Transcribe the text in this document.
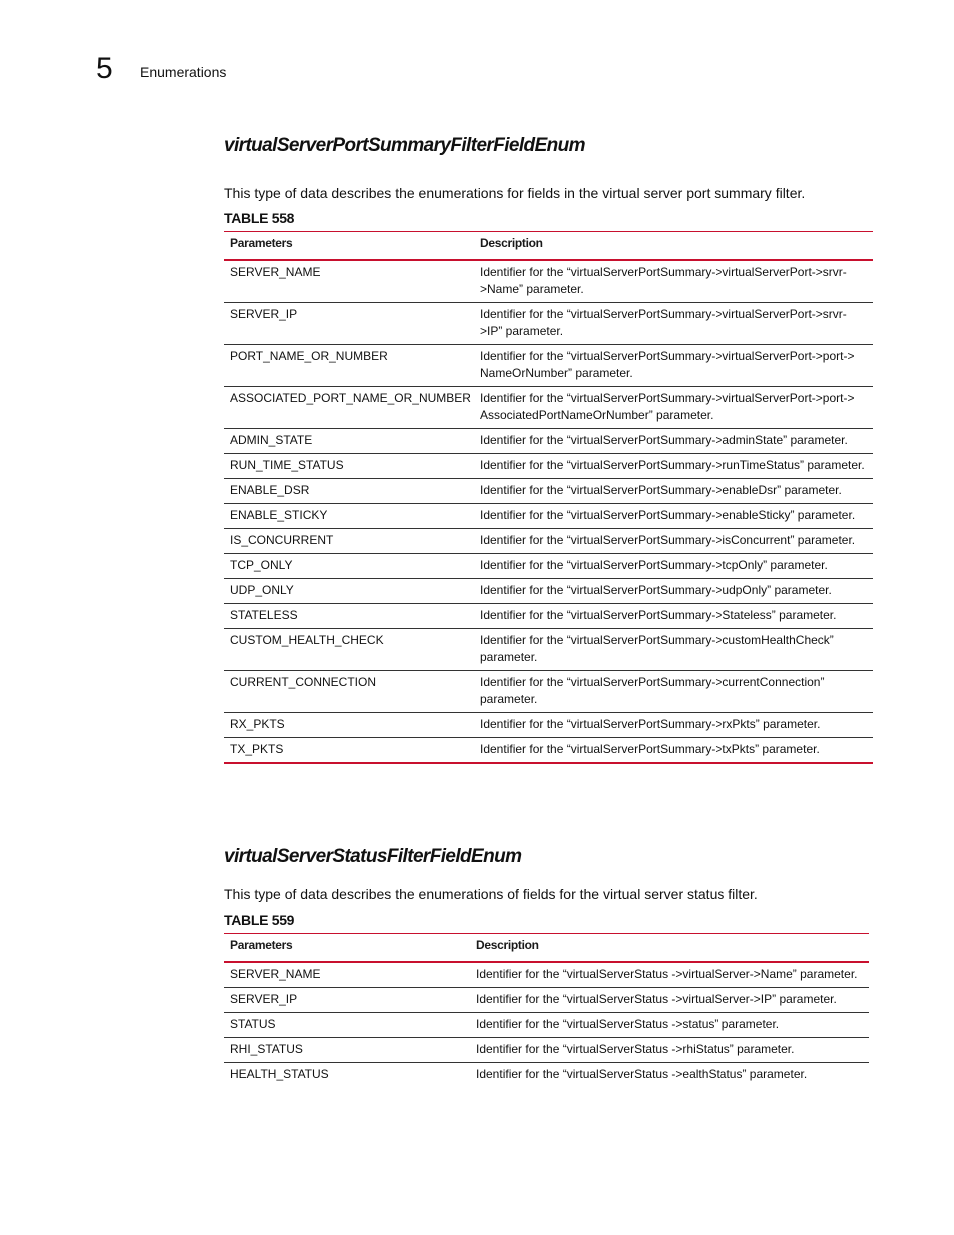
5 Enumerations
virtualServerPortSummaryFilterFieldEnum

This type of data describes the enumerations for fields in the virtual server port summary filter.

TABLE 558

Parameters	Description
SERVER_NAME	Identifier for the “virtualServerPortSummary->virtualServerPort->srvr->Name” parameter.
SERVER_IP	Identifier for the “virtualServerPortSummary->virtualServerPort->srvr->IP” parameter.
PORT_NAME_OR_NUMBER	Identifier for the “virtualServerPortSummary->virtualServerPort->port-> NameOrNumber” parameter.
ASSOCIATED_PORT_NAME_OR_NUMBER	Identifier for the “virtualServerPortSummary->virtualServerPort->port-> AssociatedPortNameOrNumber” parameter.
ADMIN_STATE	Identifier for the “virtualServerPortSummary->adminState” parameter.
RUN_TIME_STATUS	Identifier for the “virtualServerPortSummary->runTimeStatus” parameter.
ENABLE_DSR	Identifier for the “virtualServerPortSummary->enableDsr” parameter.
ENABLE_STICKY	Identifier for the “virtualServerPortSummary->enableSticky” parameter.
IS_CONCURRENT	Identifier for the “virtualServerPortSummary->isConcurrent” parameter.
TCP_ONLY	Identifier for the “virtualServerPortSummary->tcpOnly” parameter.
UDP_ONLY	Identifier for the “virtualServerPortSummary->udpOnly” parameter.
STATELESS	Identifier for the “virtualServerPortSummary->Stateless” parameter.
CUSTOM_HEALTH_CHECK	Identifier for the “virtualServerPortSummary->customHealthCheck” parameter.
CURRENT_CONNECTION	Identifier for the “virtualServerPortSummary->currentConnection” parameter.
RX_PKTS	Identifier for the “virtualServerPortSummary->rxPkts” parameter.
TX_PKTS	Identifier for the “virtualServerPortSummary->txPkts” parameter.
virtualServerStatusFilterFieldEnum

This type of data describes the enumerations of fields for the virtual server status filter.

TABLE 559

Parameters	Description
SERVER_NAME	Identifier for the “virtualServerStatus ->virtualServer->Name” parameter.
SERVER_IP	Identifier for the “virtualServerStatus ->virtualServer->IP” parameter.
STATUS	Identifier for the “virtualServerStatus ->status” parameter.
RHI_STATUS	Identifier for the “virtualServerStatus ->rhiStatus” parameter.
HEALTH_STATUS	Identifier for the “virtualServerStatus ->ealthStatus” parameter.
